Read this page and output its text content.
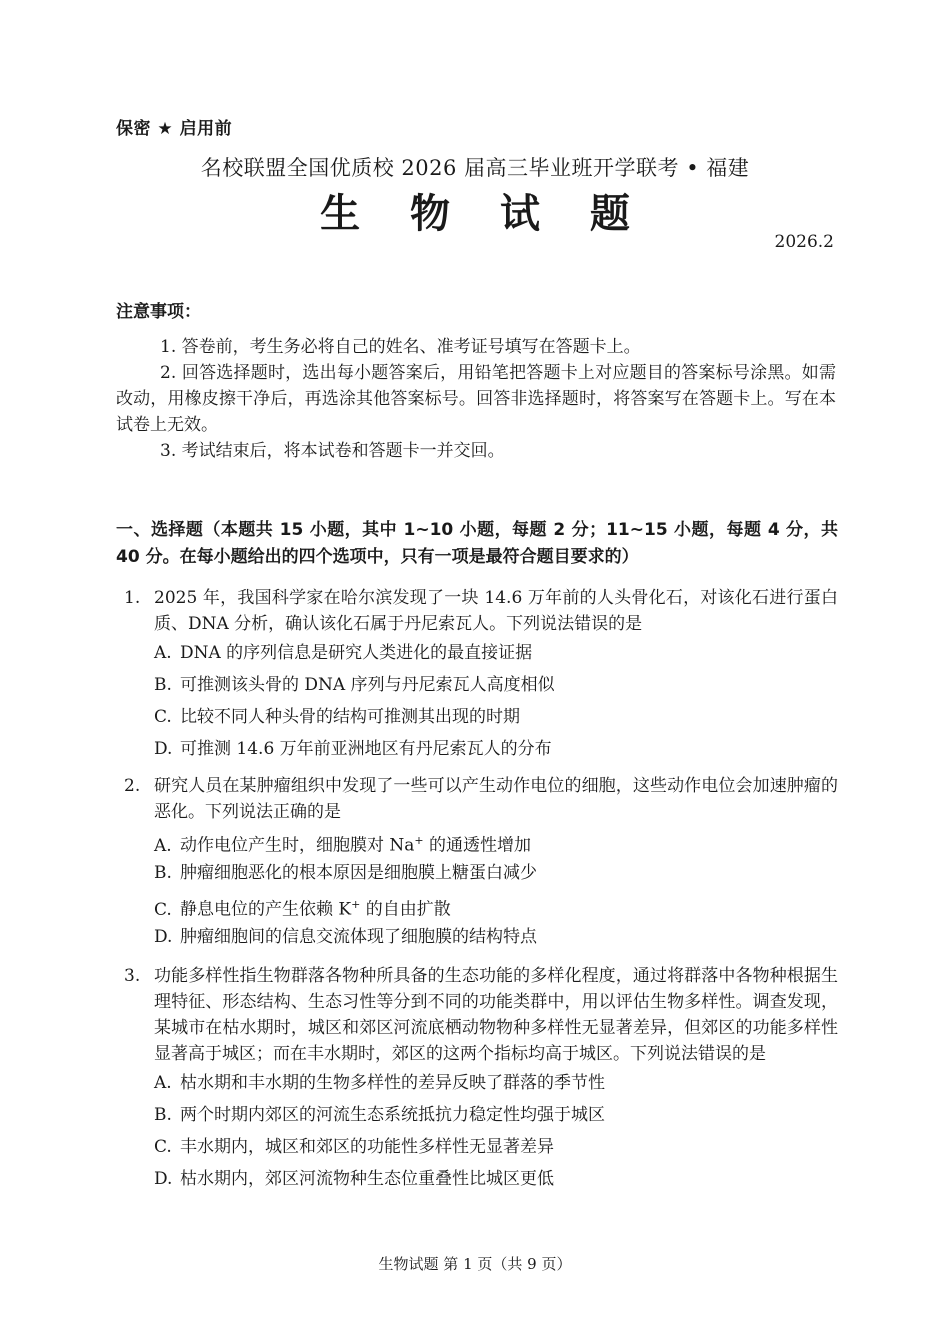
保密 ★ 启用前
名校联盟全国优质校 2026 届高三毕业班开学联考 • 福建
生 物 试 题
2026.2
注意事项：

1. 答卷前，考生务必将自己的姓名、准考证号填写在答题卡上。

2. 回答选择题时，选出每小题答案后，用铅笔把答题卡上对应题目的答案标号涂黑。如需改动，用橡皮擦干净后，再选涂其他答案标号。回答非选择题时，将答案写在答题卡上。写在本试卷上无效。

3. 考试结束后，将本试卷和答题卡一并交回。

一、选择题（本题共 15 小题，其中 1~10 小题，每题 2 分；11~15 小题，每题 4 分，共 40 分。在每小题给出的四个选项中，只有一项是最符合题目要求的）
1. 2025 年，我国科学家在哈尔滨发现了一块 14.6 万年前的人头骨化石，对该化石进行蛋白质、DNA 分析，确认该化石属于丹尼索瓦人。下列说法错误的是
A. DNA 的序列信息是研究人类进化的最直接证据
B. 可推测该头骨的 DNA 序列与丹尼索瓦人高度相似
C. 比较不同人种头骨的结构可推测其出现的时期
D. 可推测 14.6 万年前亚洲地区有丹尼索瓦人的分布
2. 研究人员在某肿瘤组织中发现了一些可以产生动作电位的细胞，这些动作电位会加速肿瘤的恶化。下列说法正确的是
A. 动作电位产生时，细胞膜对 Na+ 的通透性增加
B. 肿瘤细胞恶化的根本原因是细胞膜上糖蛋白减少
C. 静息电位的产生依赖 K+ 的自由扩散
D. 肿瘤细胞间的信息交流体现了细胞膜的结构特点
3. 功能多样性指生物群落各物种所具备的生态功能的多样化程度，通过将群落中各物种根据生理特征、形态结构、生态习性等分到不同的功能类群中，用以评估生物多样性。调查发现，某城市在枯水期时，城区和郊区河流底栖动物物种多样性无显著差异，但郊区的功能多样性显著高于城区；而在丰水期时，郊区的这两个指标均高于城区。下列说法错误的是
A. 枯水期和丰水期的生物多样性的差异反映了群落的季节性
B. 两个时期内郊区的河流生态系统抵抗力稳定性均强于城区
C. 丰水期内，城区和郊区的功能性多样性无显著差异
D. 枯水期内，郊区河流物种生态位重叠性比城区更低
生物试题 第 1 页（共 9 页）
